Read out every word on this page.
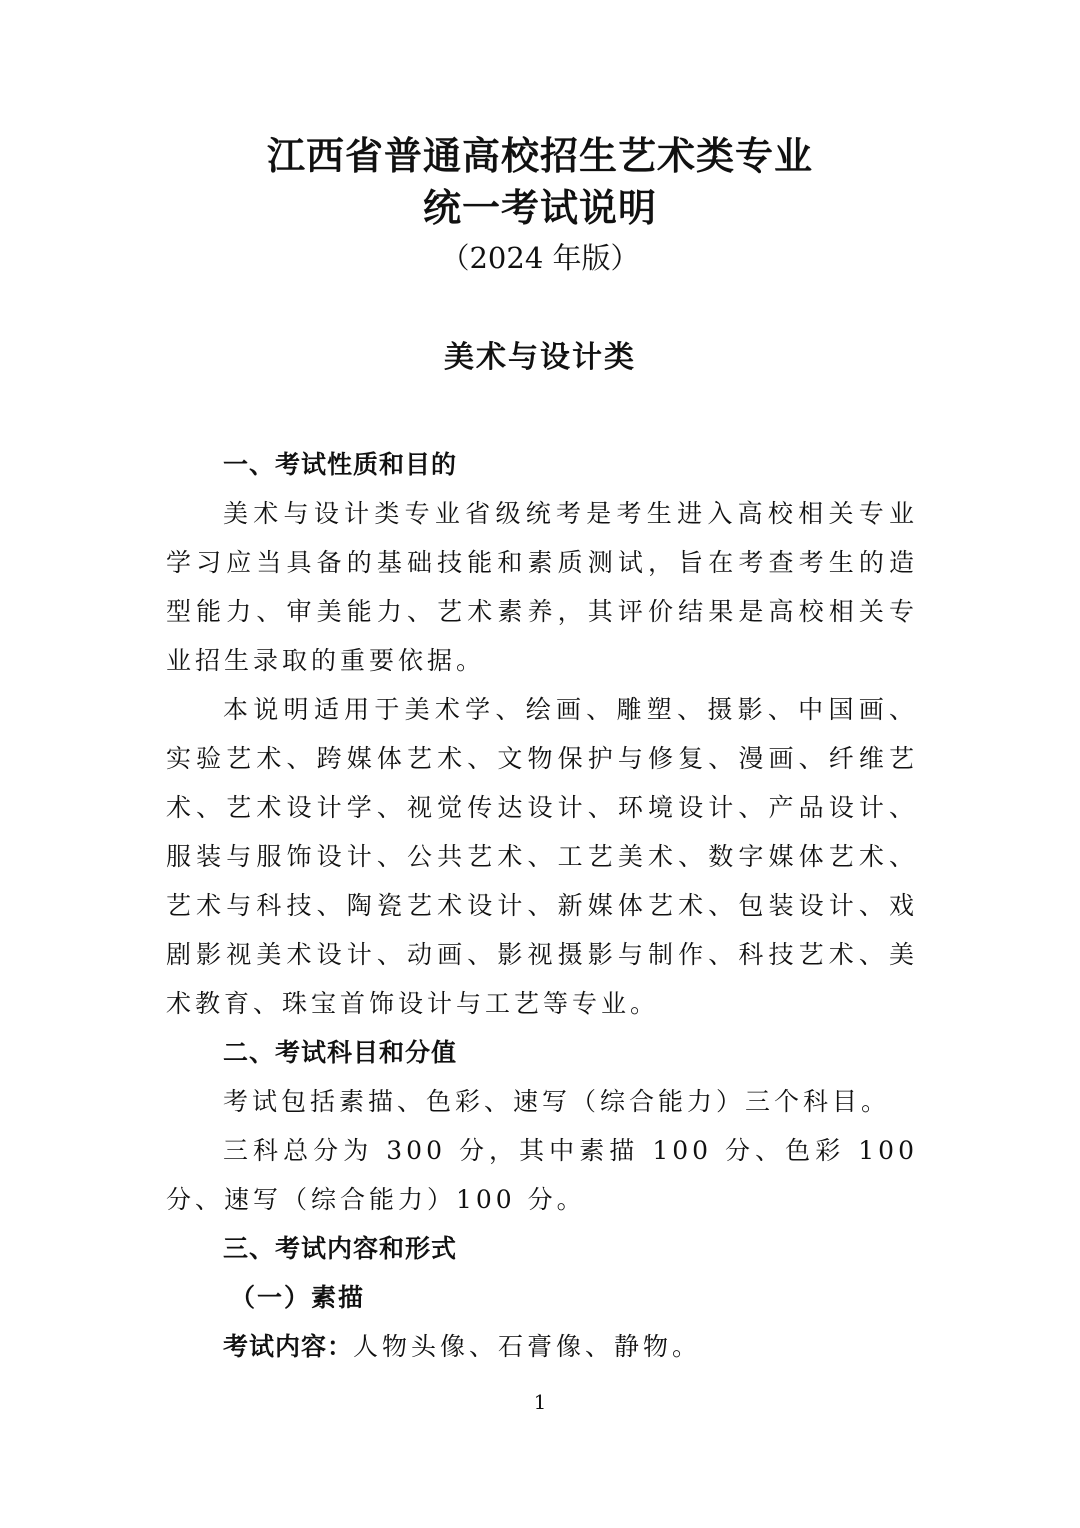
江西省普通高校招生艺术类专业
统一考试说明
（2024 年版）
美术与设计类
一、考试性质和目的

美术与设计类专业省级统考是考生进入高校相关专业学习应当具备的基础技能和素质测试，旨在考查考生的造型能力、审美能力、艺术素养，其评价结果是高校相关专业招生录取的重要依据。

本说明适用于美术学、绘画、雕塑、摄影、中国画、实验艺术、跨媒体艺术、文物保护与修复、漫画、纤维艺术、艺术设计学、视觉传达设计、环境设计、产品设计、服装与服饰设计、公共艺术、工艺美术、数字媒体艺术、艺术与科技、陶瓷艺术设计、新媒体艺术、包装设计、戏剧影视美术设计、动画、影视摄影与制作、科技艺术、美术教育、珠宝首饰设计与工艺等专业。

二、考试科目和分值

考试包括素描、色彩、速写（综合能力）三个科目。

三科总分为 300 分，其中素描 100 分、色彩 100 分、速写（综合能力）100 分。

三、考试内容和形式
（一）素描
考试内容：人物头像、石膏像、静物。
1
